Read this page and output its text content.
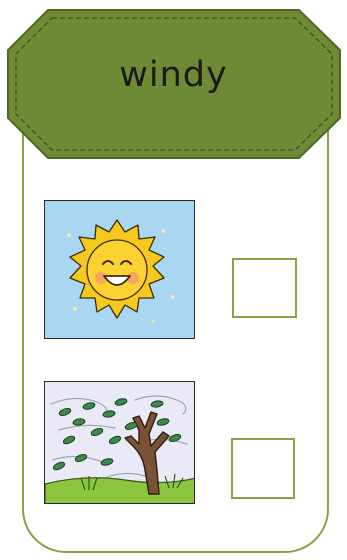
windy
